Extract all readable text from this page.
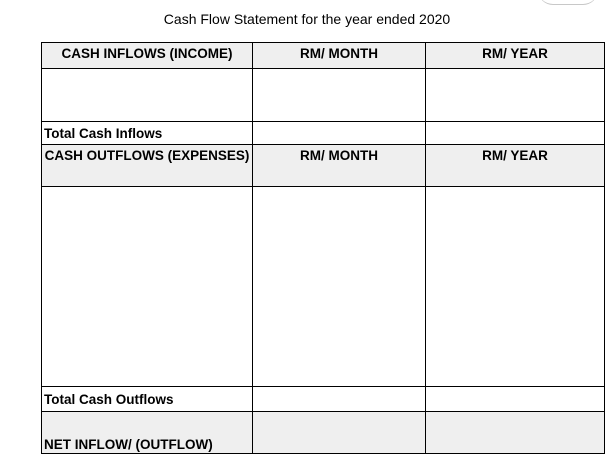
Cash Flow Statement for the year ended 2020
CASH INFLOWS (INCOME)	RM/ MONTH	RM/ YEAR

Total Cash Inflows		
CASH OUTFLOWS (EXPENSES)	RM/ MONTH	RM/ YEAR

Total Cash Outflows		
NET INFLOW/ (OUTFLOW)		
